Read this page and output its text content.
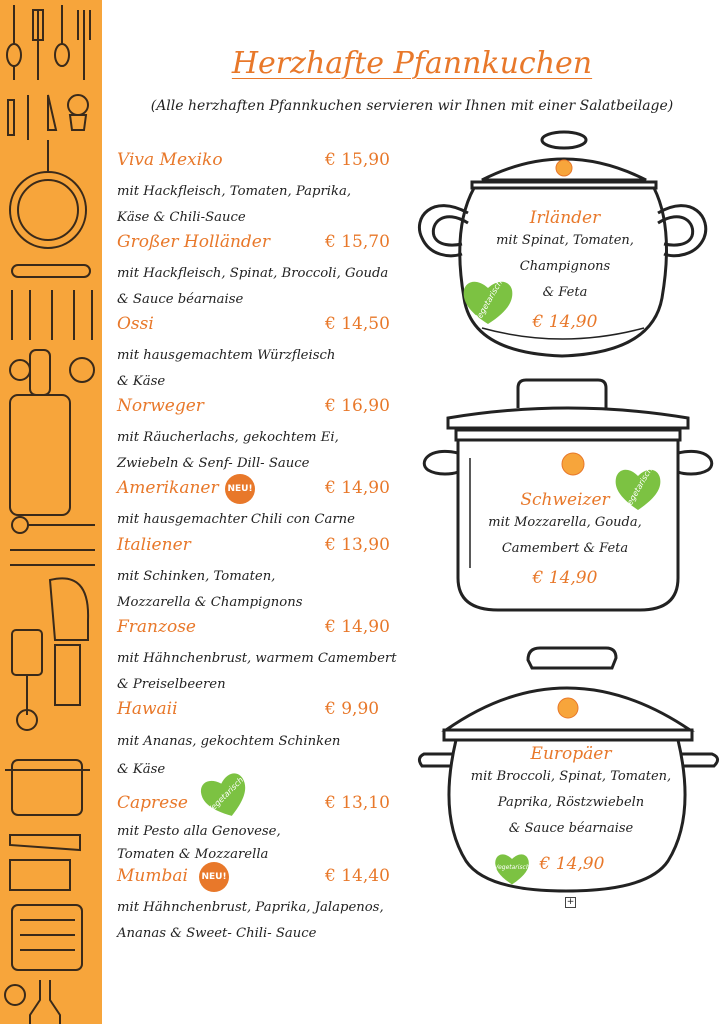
Herzhafte Pfannkuchen
(Alle herzhaften Pfannkuchen servieren wir Ihnen mit einer Salatbeilage)
Viva Mexiko	€ 15,90
mit Hackfleisch, Tomaten, Paprika,
Käse & Chili-Sauce
Großer Holländer	€ 15,70
mit Hackfleisch, Spinat, Broccoli, Gouda
& Sauce béarnaise
Ossi	€ 14,50
mit hausgemachtem Würzfleisch
& Käse
Norweger	€ 16,90
mit Räucherlachs, gekochtem Ei,
Zwiebeln & Senf- Dill- Sauce
Amerikaner NEU!	€ 14,90
mit hausgemachter Chili con Carne
Italiener	€ 13,90
mit Schinken, Tomaten,
Mozzarella & Champignons
Franzose	€ 14,90
mit Hähnchenbrust, warmem Camembert
& Preiselbeeren
Hawaii	€ 9,90
mit Ananas, gekochtem Schinken
& Käse
Caprese Vegetarisch	€ 13,10
mit Pesto alla Genovese,
Tomaten & Mozzarella
Mumbai NEU!	€ 14,40
mit Hähnchenbrust, Paprika, Jalapenos,
Ananas & Sweet- Chili- Sauce
Irländer
mit Spinat, Tomaten,
Champignons
& Feta
€ 14,90
Vegetarisch
Schweizer
mit Mozzarella, Gouda,
Camembert & Feta
€ 14,90
Vegetarisch
Europäer
mit Broccoli, Spinat, Tomaten,
Paprika, Röstzwiebeln
& Sauce béarnaise
€ 14,90
Vegetarisch
+
